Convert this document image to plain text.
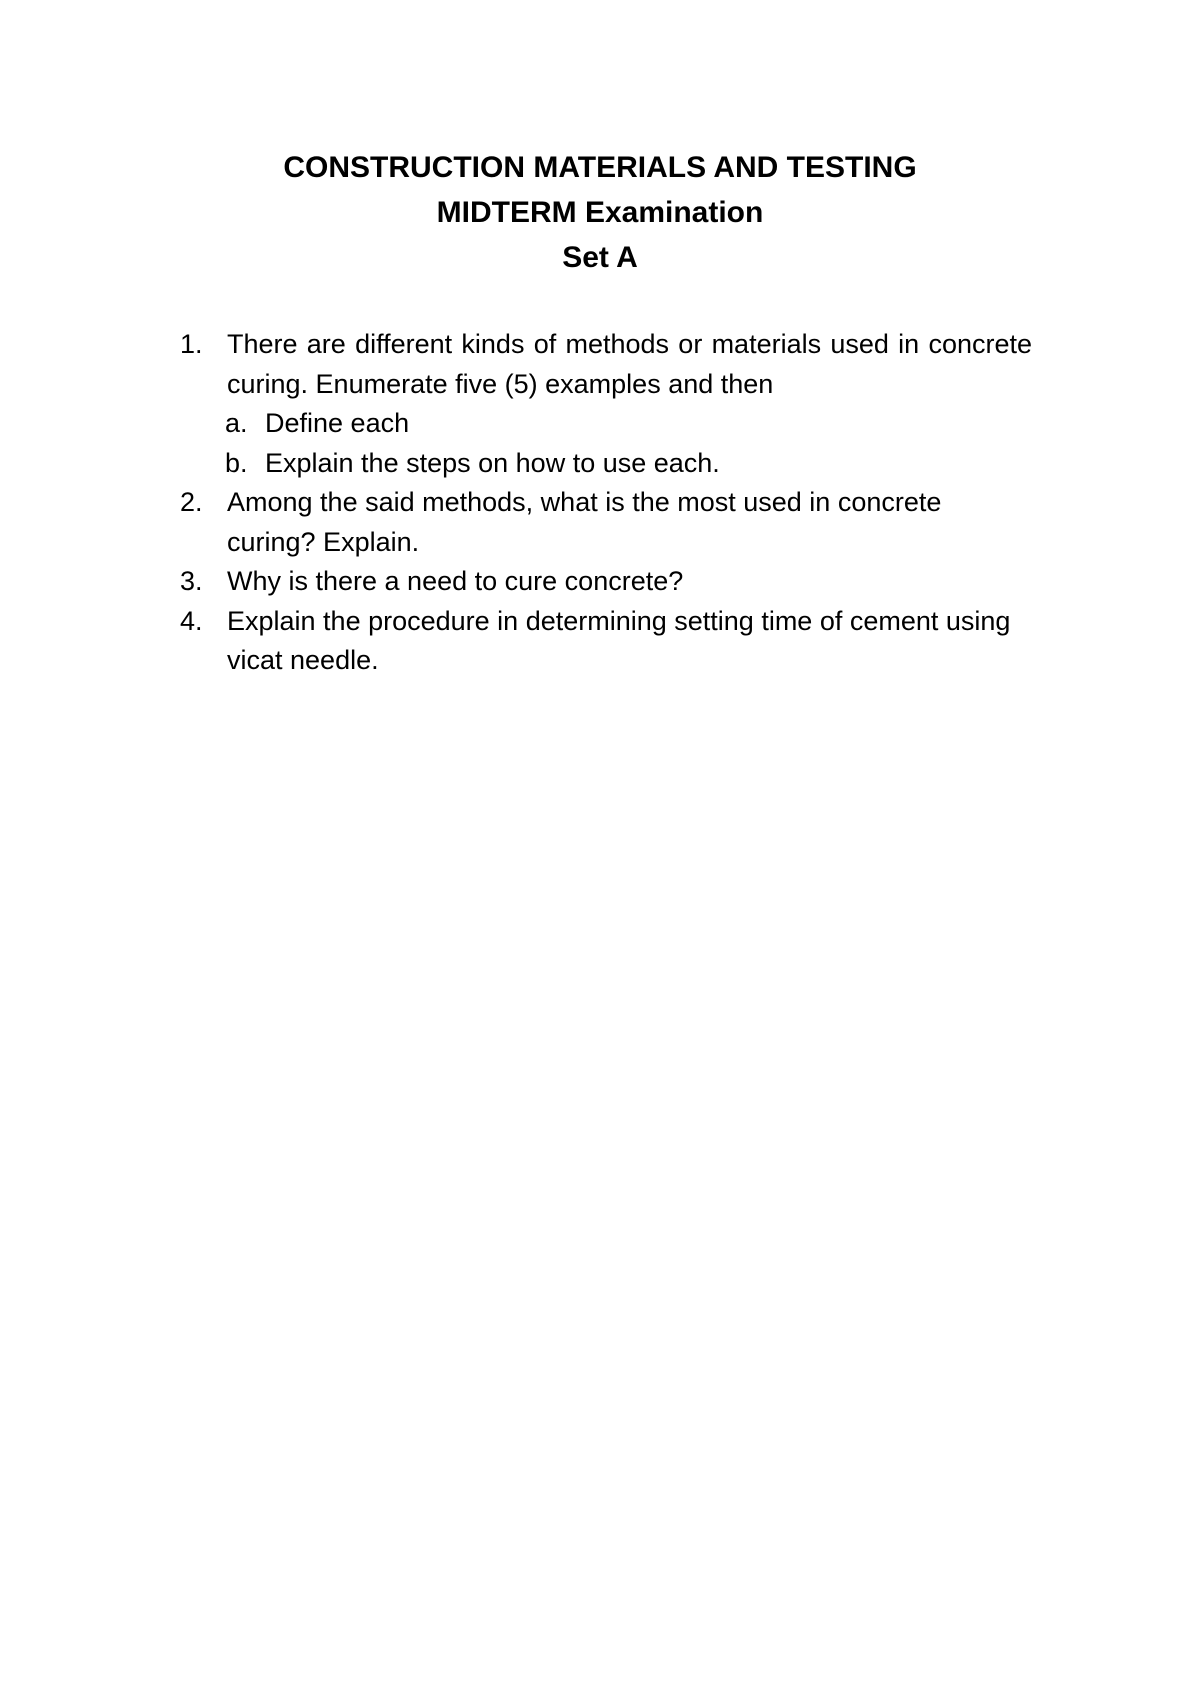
CONSTRUCTION MATERIALS AND TESTING
MIDTERM Examination
Set A
1. There are different kinds of methods or materials used in concrete curing. Enumerate five (5) examples and then
a. Define each
b. Explain the steps on how to use each.
2. Among the said methods, what is the most used in concrete curing? Explain.
3. Why is there a need to cure concrete?
4. Explain the procedure in determining setting time of cement using vicat needle.
